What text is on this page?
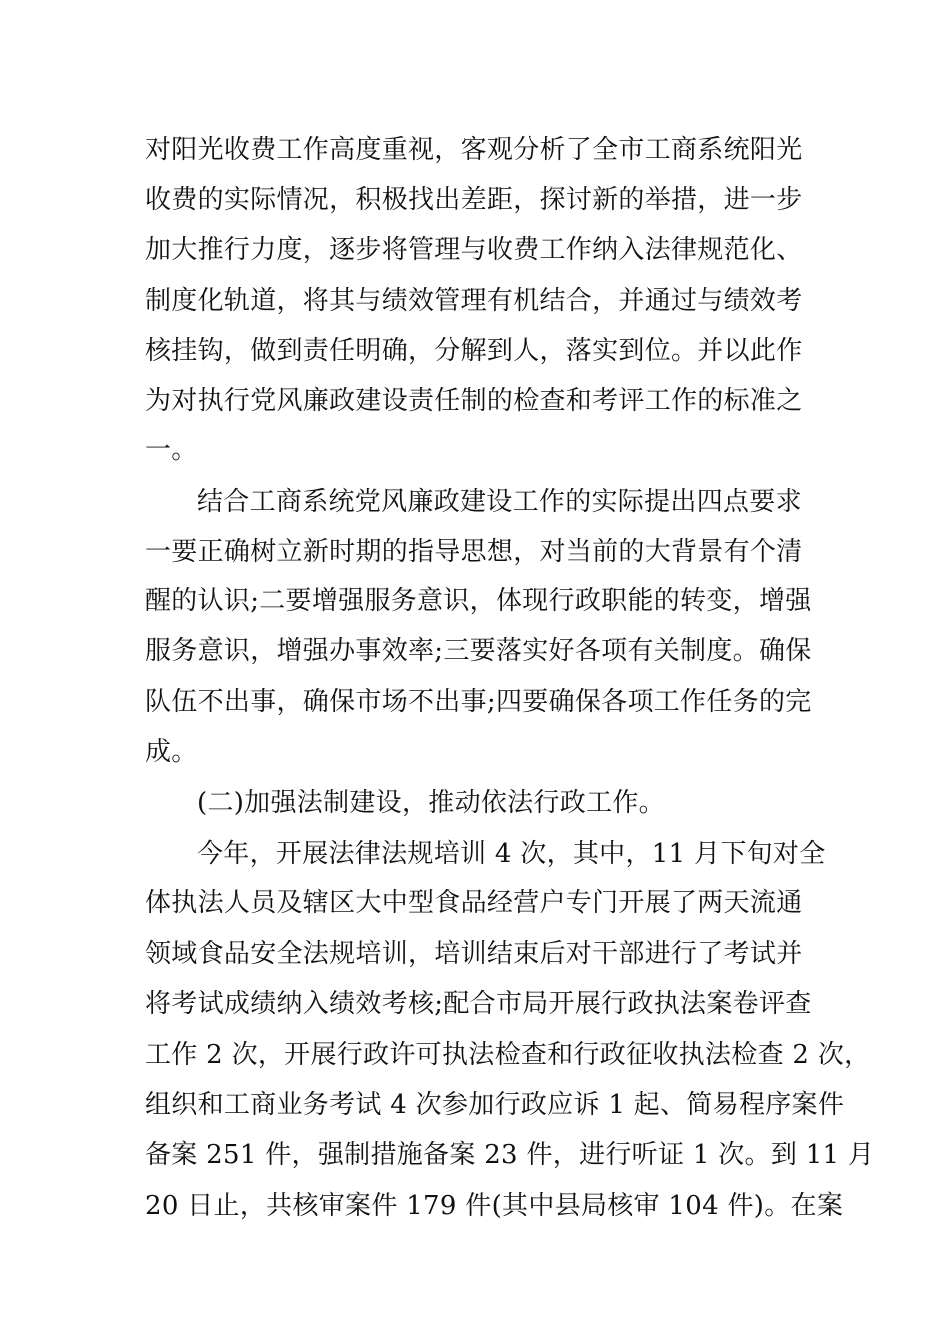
对阳光收费工作高度重视，客观分析了全市工商系统阳光
收费的实际情况，积极找出差距，探讨新的举措，进一步
加大推行力度，逐步将管理与收费工作纳入法律规范化、
制度化轨道，将其与绩效管理有机结合，并通过与绩效考
核挂钩，做到责任明确，分解到人，落实到位。并以此作
为对执行党风廉政建设责任制的检查和考评工作的标准之
一。
结合工商系统党风廉政建设工作的实际提出四点要求
一要正确树立新时期的指导思想，对当前的大背景有个清
醒的认识;二要增强服务意识，体现行政职能的转变，增强
服务意识，增强办事效率;三要落实好各项有关制度。确保
队伍不出事，确保市场不出事;四要确保各项工作任务的完
成。
(二)加强法制建设，推动依法行政工作。
今年，开展法律法规培训 4 次，其中，11 月下旬对全
体执法人员及辖区大中型食品经营户专门开展了两天流通
领域食品安全法规培训，培训结束后对干部进行了考试并
将考试成绩纳入绩效考核;配合市局开展行政执法案卷评查
工作 2 次，开展行政许可执法检查和行政征收执法检查 2 次，
组织和工商业务考试 4 次参加行政应诉 1 起、简易程序案件
备案 251 件，强制措施备案 23 件，进行听证 1 次。到 11 月
20 日止，共核审案件 179 件(其中县局核审 104 件)。在案
